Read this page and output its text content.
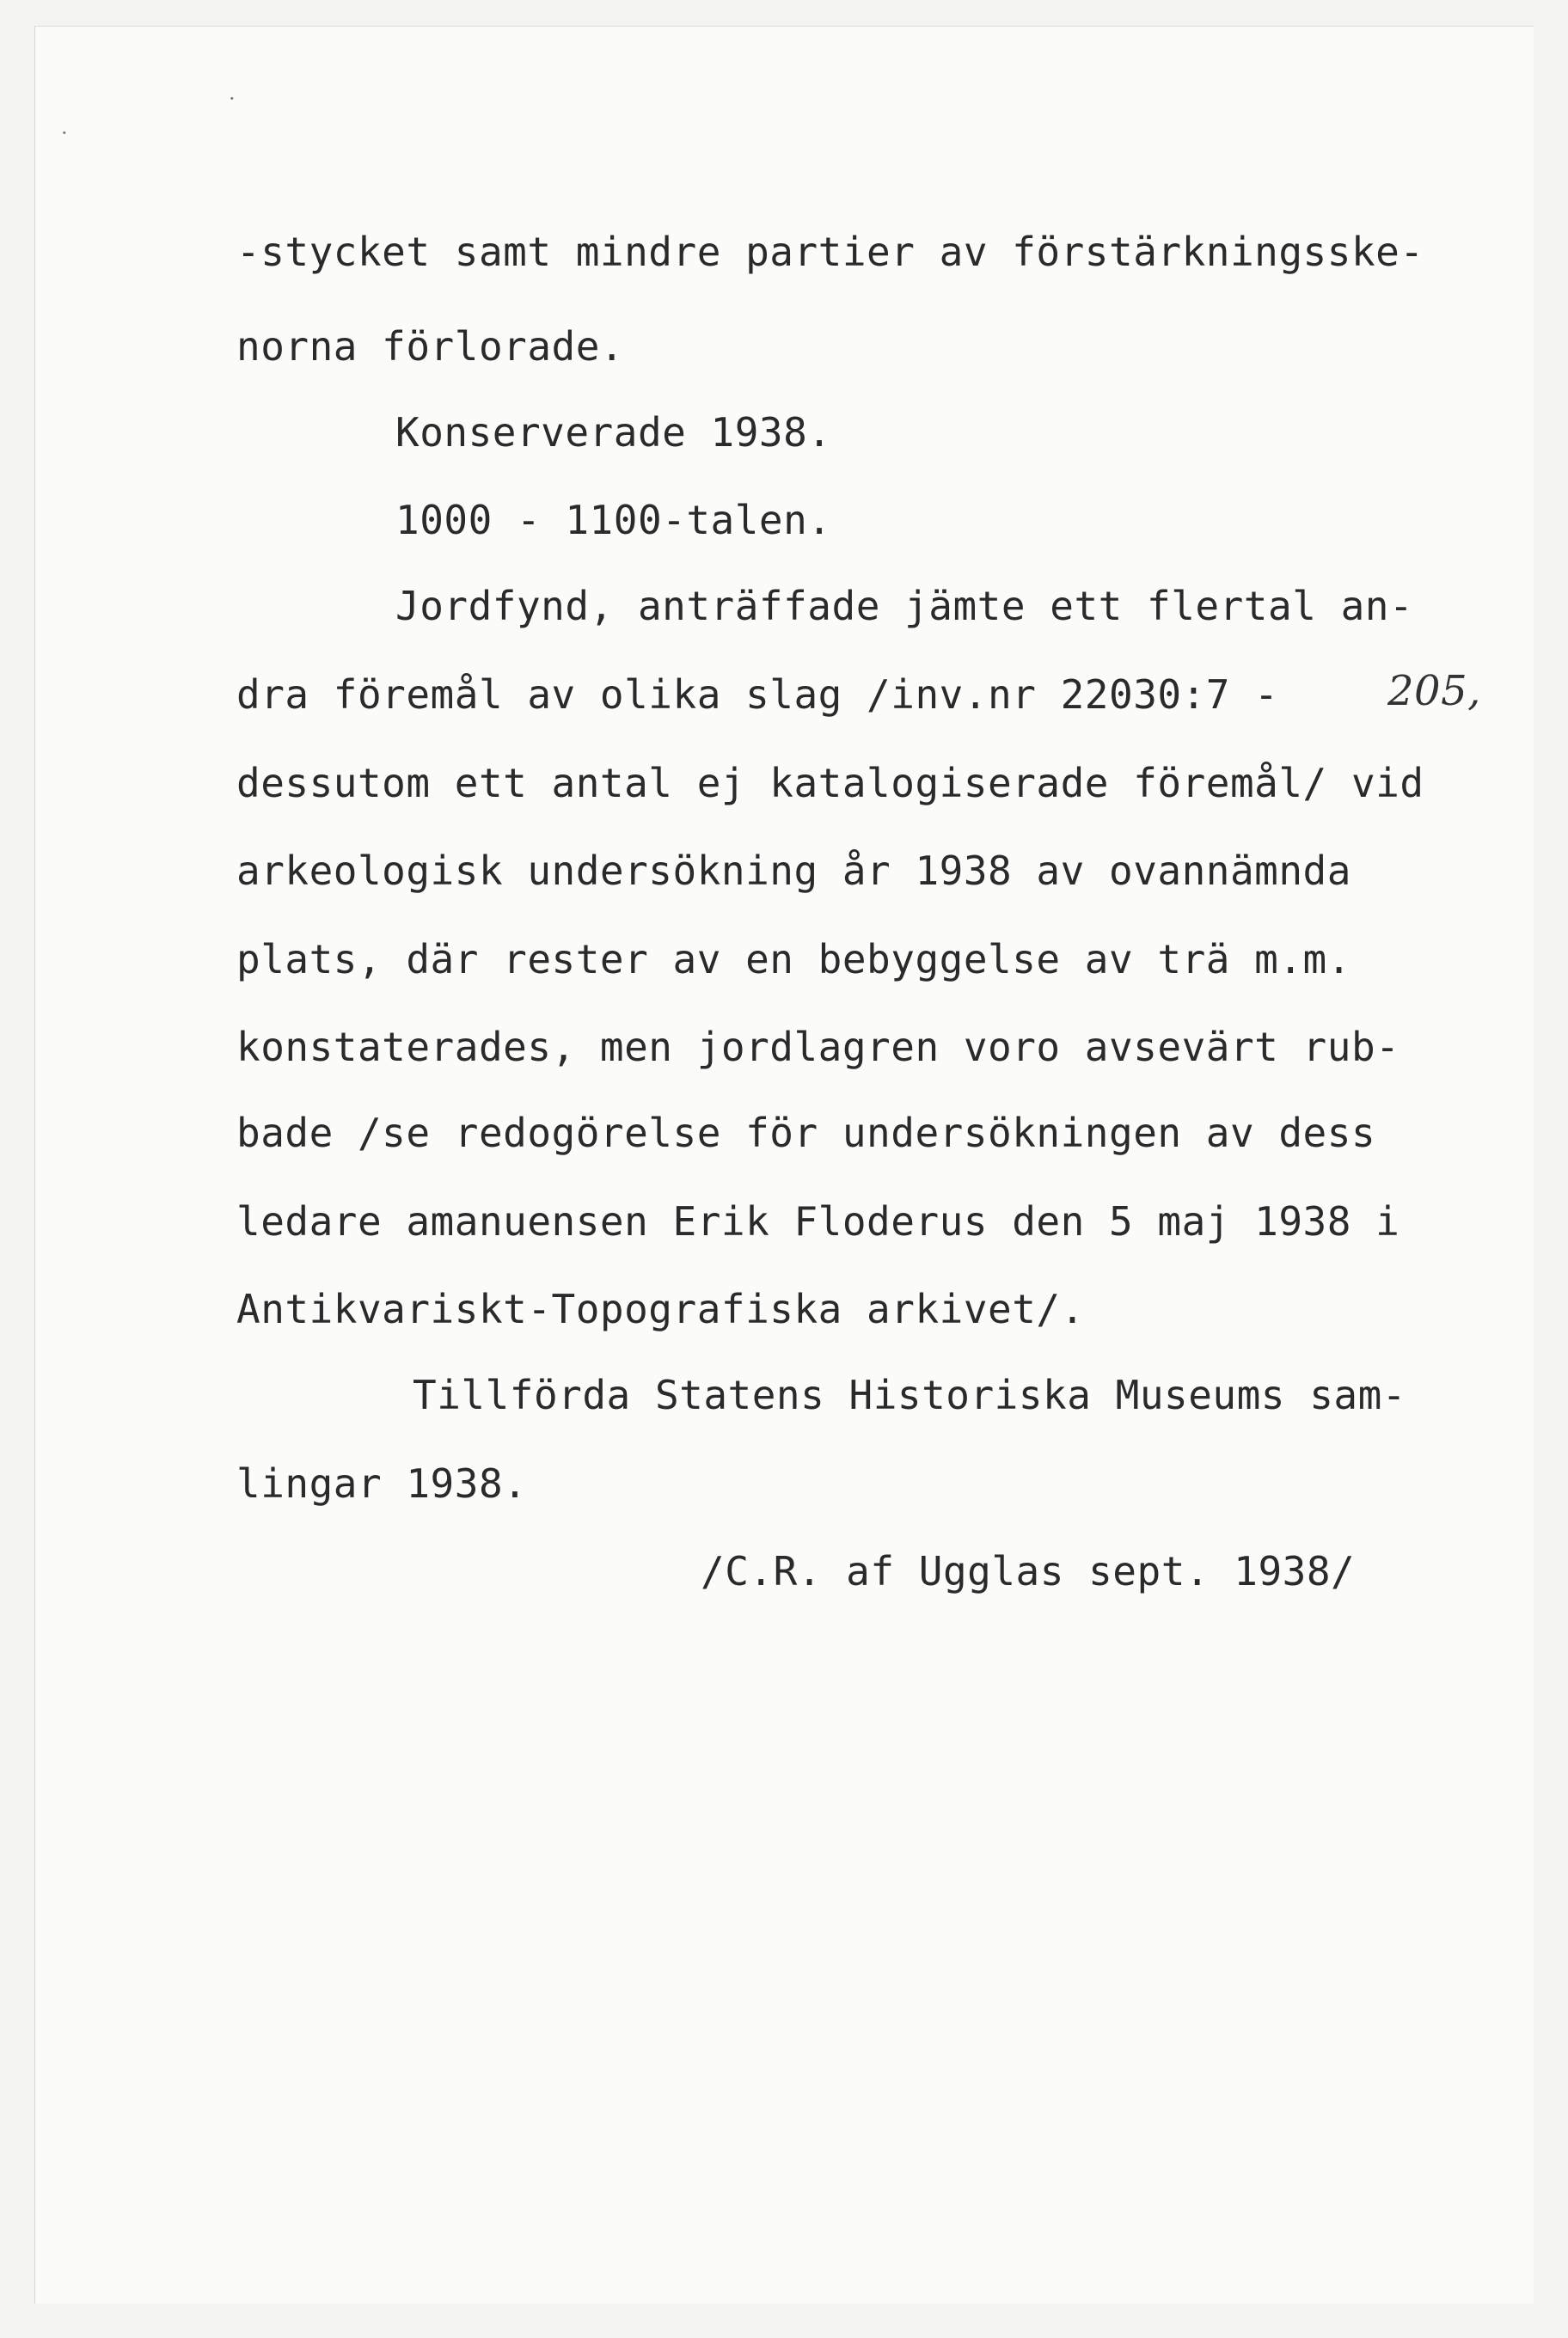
·
·
-stycket samt mindre partier av förstärkningsske-
norna förlorade.
Konserverade 1938.
1000 - 1100-talen.
Jordfynd, anträffade jämte ett flertal an-
dra föremål av olika slag /inv.nr 22030:7 - 205,
dessutom ett antal ej katalogiserade föremål/ vid
arkeologisk undersökning år 1938 av ovannämnda
plats, där rester av en bebyggelse av trä m.m.
konstaterades, men jordlagren voro avsevärt rub-
bade /se redogörelse för undersökningen av dess
ledare amanuensen Erik Floderus den 5 maj 1938 i
Antikvariskt-Topografiska arkivet/.
Tillförda Statens Historiska Museums sam-
lingar 1938.
/C.R. af Ugglas sept. 1938/
